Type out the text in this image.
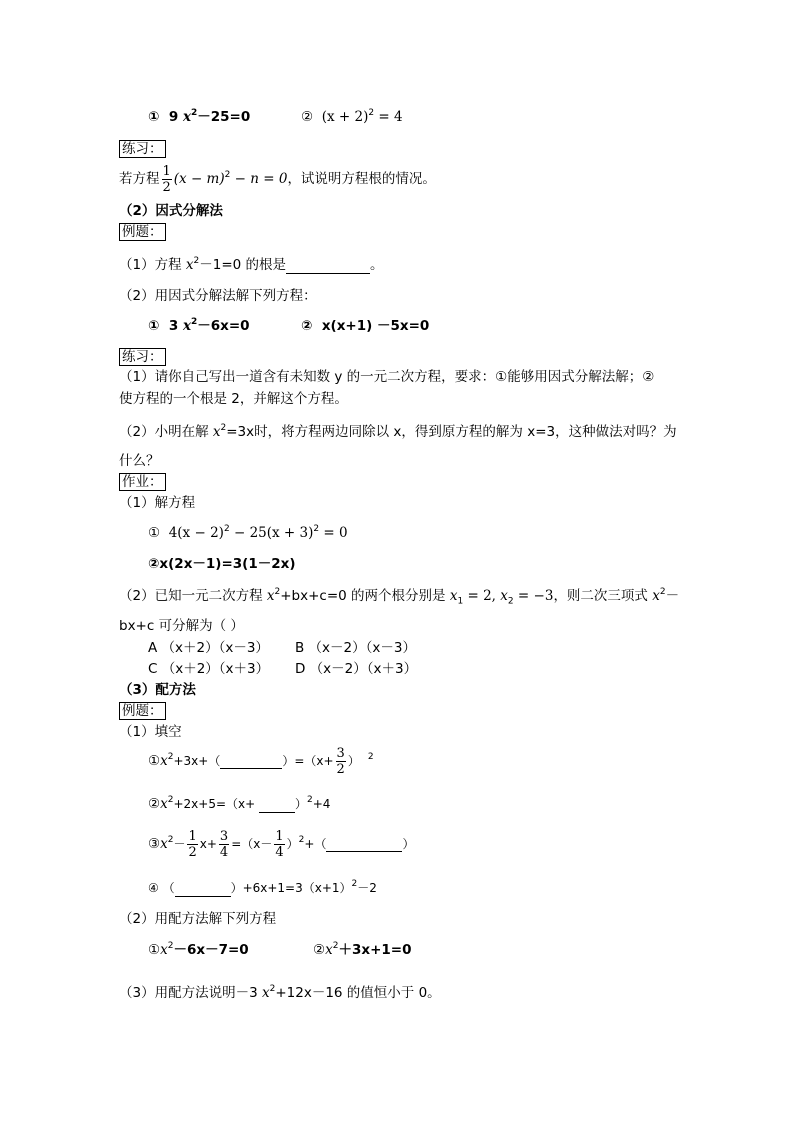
① 9 $x^2-25=0$	② $(x + 2)^2 = 4$
练习：
若方程 $\frac{1}{2} (x - m)^2 - n = 0$，试说明方程根的情况。
（2）因式分解法
例题：
（1）方程 $x^2-1=0$ 的根是	。
（2）用因式分解法解下列方程：
① 3 $x^2-6x=0$	② x(x+1) －5x=0
练习：
（1）请你自己写出一道含有未知数 y 的一元二次方程，要求：①能够用因式分解法解；②
使方程的一个根是 2，并解这个方程。
（2）小明在解 $x^2=3x$时，将方程两边同除以 x，得到原方程的解为 x=3，这种做法对吗？为
什么？
作业：
（1）解方程
① $4(x - 2)^2 - 25(x + 3)^2 = 0$
②x(2x－1)=3(1－2x)
（2）已知一元二次方程 $x^2+bx+c=0$ 的两个根分别是 $x_1 = 2$, $x_2 = -3$，则二次三项式 $x^2-$
bx+c 可分解为（ ）
A （x＋2）（x－3） B （x－2）（x－3）
C （x＋2）（x＋3） D （x－2）（x＋3）
（3）配方法
例题：
（1）填空
$①x^2+3x+$（	）$=(x+ \frac{3}{2}$ ） $^2$
$②x^2+2x+5=(x+$	）$^2$+4
$③x^2- \frac{1}{2} x+ \frac{3}{4} =(x- \frac{1}{4} )^2+$（	）
④ （	）$+6x+1=3(x+1)^2-2$
（2）用配方法解下列方程
$①x^2-6x-7=0$	$②x^2+3x+1=0$
（3）用配方法说明－3 $x^2+12x-16$ 的值恒小于 0。
